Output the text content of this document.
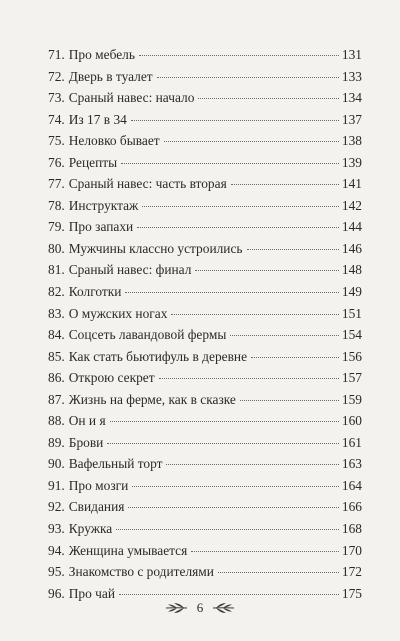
71. Про мебель	131
72. Дверь в туалет	133
73. Сраный навес: начало	134
74. Из 17 в 34	137
75. Неловко бывает	138
76. Рецепты	139
77. Сраный навес: часть вторая	141
78. Инструктаж	142
79. Про запахи	144
80. Мужчины классно устроились	146
81. Сраный навес: финал	148
82. Колготки	149
83. О мужских ногах	151
84. Соцсеть лавандовой фермы	154
85. Как стать бьютифуль в деревне	156
86. Открою секрет	157
87. Жизнь на ферме, как в сказке	159
88. Он и я	160
89. Брови	161
90. Вафельный торт	163
91. Про мозги	164
92. Свидания	166
93. Кружка	168
94. Женщина умывается	170
95. Знакомство с родителями	172
96. Про чай	175
6
